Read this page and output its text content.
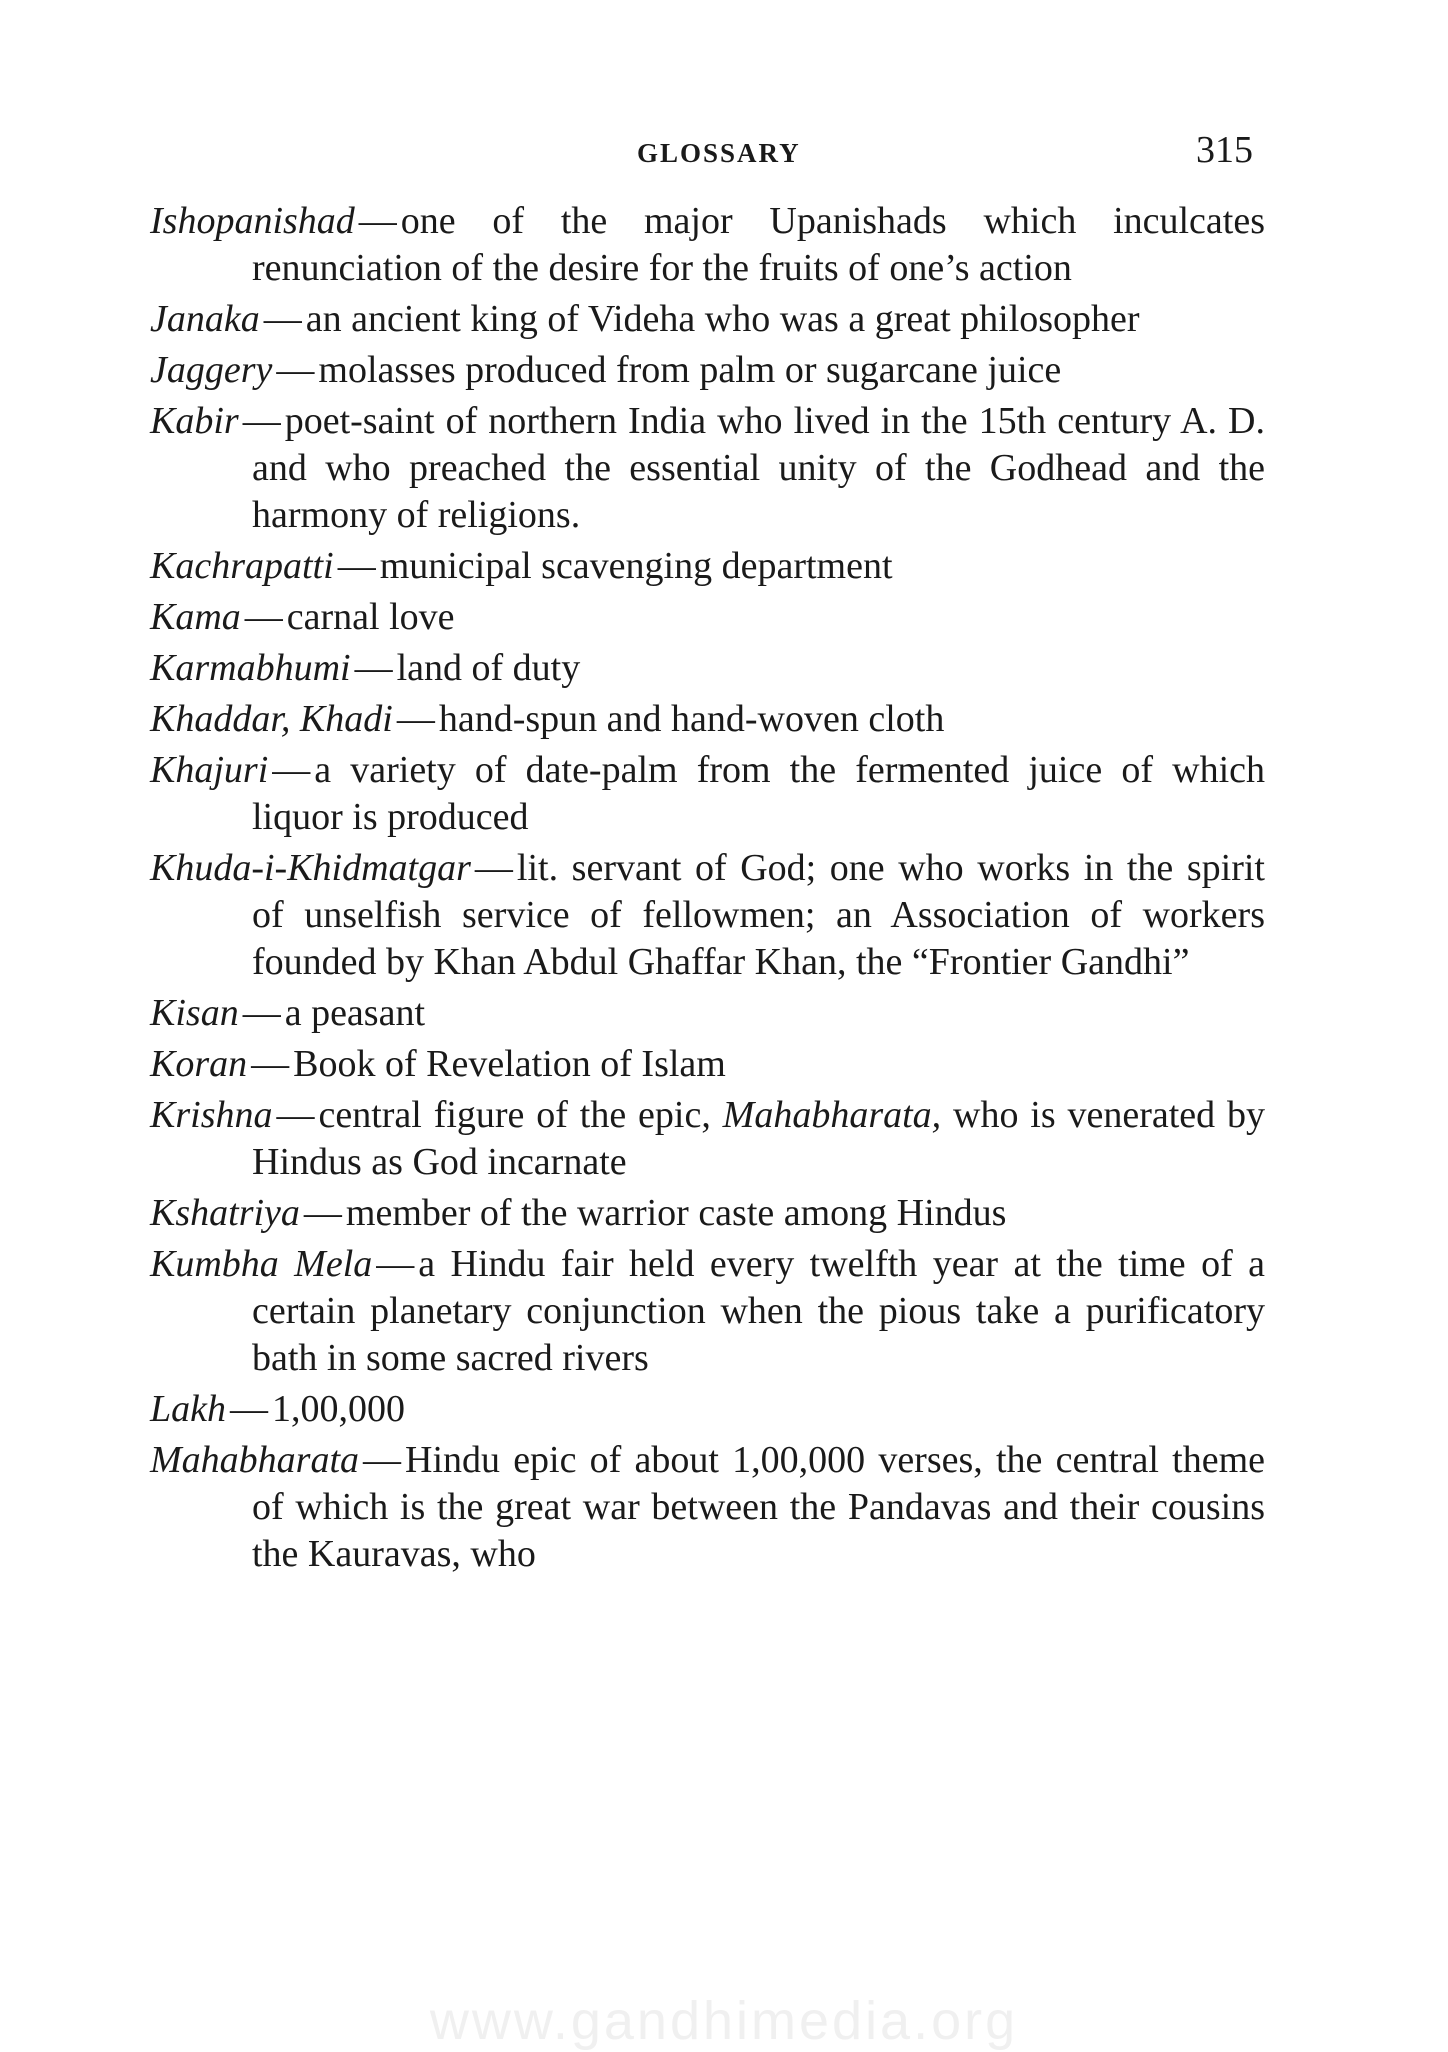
GLOSSARY	315

Ishopanishad — one of the major Upanishads which inculcates renunciation of the desire for the fruits of one’s action

Janaka — an ancient king of Videha who was a great philosopher

Jaggery — molasses produced from palm or sugarcane juice

Kabir — poet-saint of northern India who lived in the 15th century A. D. and who preached the essential unity of the Godhead and the harmony of religions.

Kachrapatti — municipal scavenging department

Kama — carnal love

Karmabhumi — land of duty

Khaddar, Khadi — hand-spun and hand-woven cloth

Khajuri — a variety of date-palm from the fermented juice of which liquor is produced

Khuda-i-Khidmatgar — lit. servant of God; one who works in the spirit of unselfish service of fellowmen; an Association of workers founded by Khan Abdul Ghaffar Khan, the “Frontier Gandhi”

Kisan — a peasant

Koran — Book of Revelation of Islam

Krishna — central figure of the epic, Mahabharata, who is venerated by Hindus as God incarnate

Kshatriya — member of the warrior caste among Hindus

Kumbha Mela — a Hindu fair held every twelfth year at the time of a certain planetary conjunction when the pious take a purificatory bath in some sacred rivers

Lakh — 1,00,000

Mahabharata — Hindu epic of about 1,00,000 verses, the central theme of which is the great war between the Pandavas and their cousins the Kauravas, who

www.gandhimedia.org
